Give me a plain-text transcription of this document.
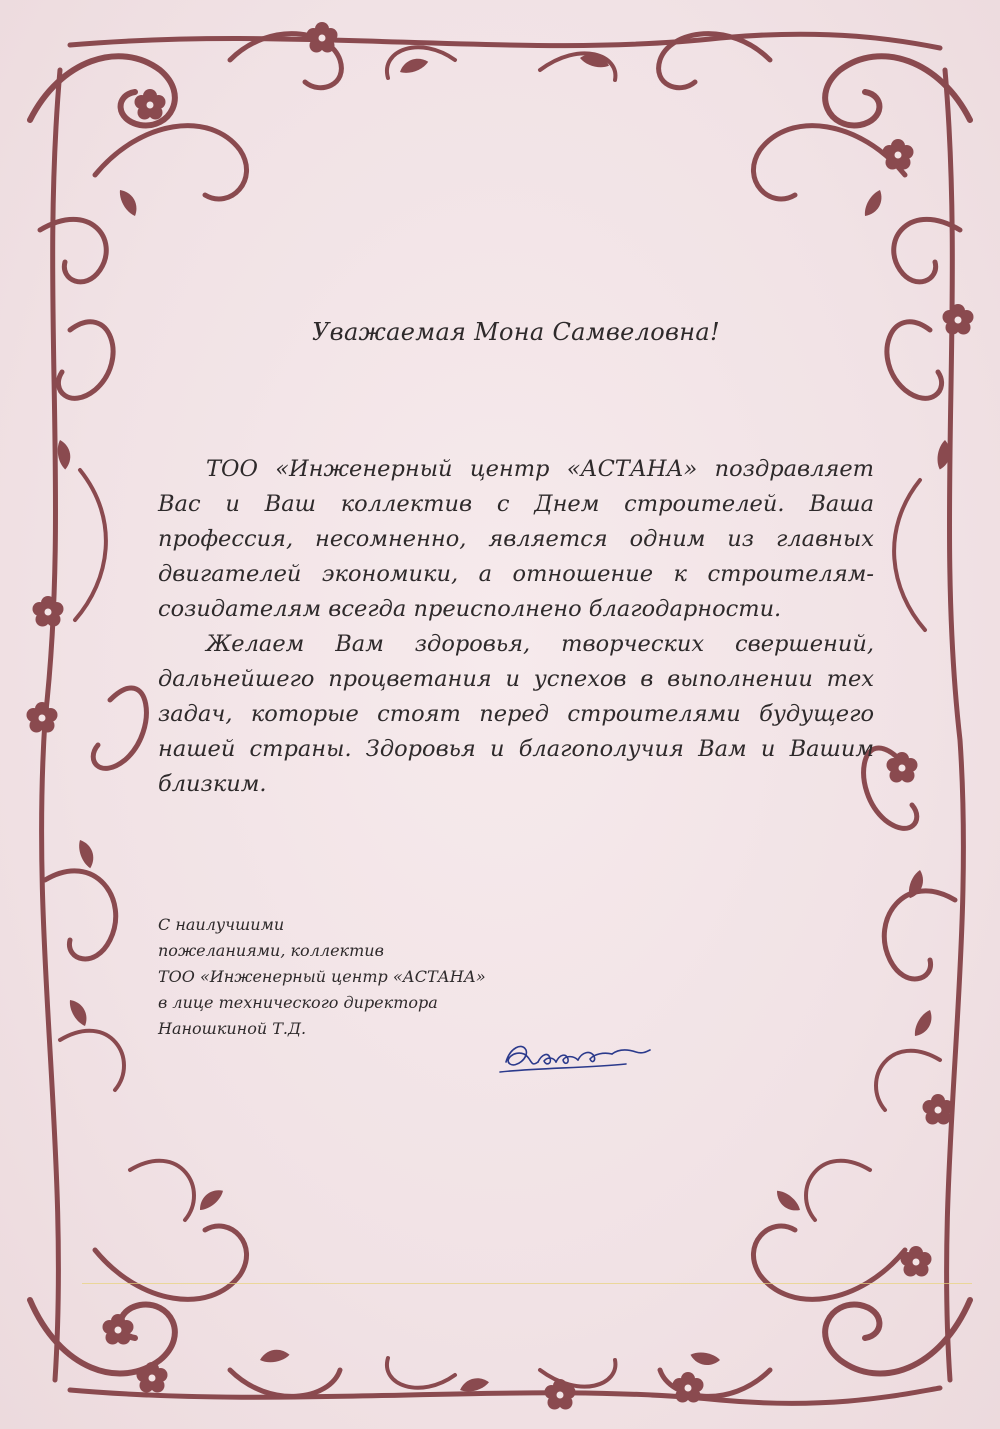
Уважаемая Мона Самвеловна!

ТОО «Инженерный центр «АСТАНА» поздравляет Вас и Ваш коллектив с Днем строителей. Ваша профессия, несомненно, является одним из главных двигателей экономики, а отношение к строителям-созидателям всегда преисполнено благодарности.

Желаем Вам здоровья, творческих свершений, дальнейшего процветания и успехов в выполнении тех задач, которые стоят перед строителями будущего нашей страны. Здоровья и благополучия Вам и Вашим близким.

С наилучшими
пожеланиями, коллектив
ТОО «Инженерный центр «АСТАНА»
в лице технического директора
Наношкиной Т.Д.
